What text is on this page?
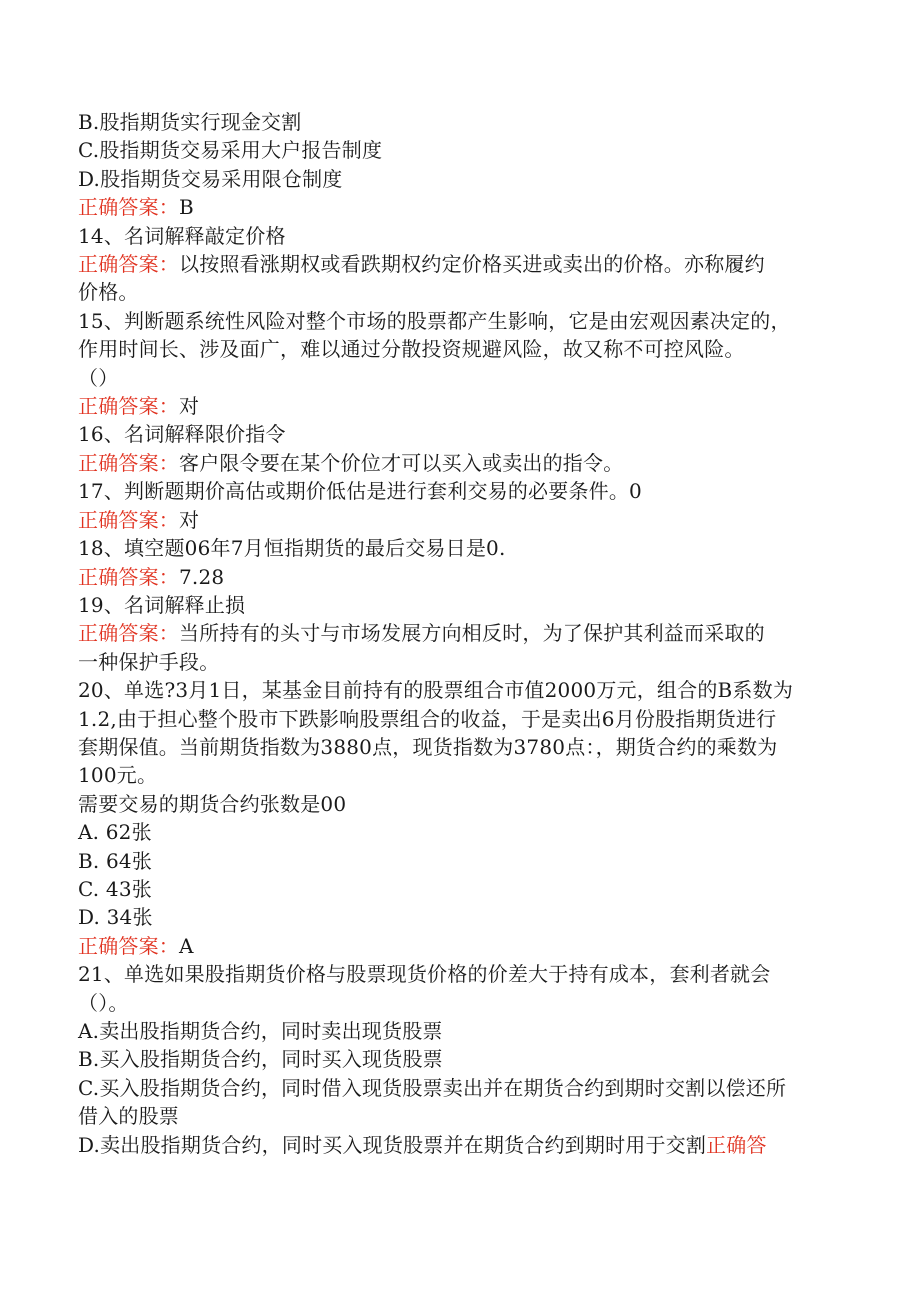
B.股指期货实行现金交割
C.股指期货交易采用大户报告制度
D.股指期货交易采用限仓制度
正确答案：B
14、名词解释敲定价格
正确答案：以按照看涨期权或看跌期权约定价格买进或卖出的价格。亦称履约
价格。
15、判断题系统性风险对整个市场的股票都产生影响，它是由宏观因素决定的，
作用时间长、涉及面广，难以通过分散投资规避风险，故又称不可控风险。
（）
正确答案：对
16、名词解释限价指令
正确答案：客户限令要在某个价位才可以买入或卖出的指令。
17、判断题期价高估或期价低估是进行套利交易的必要条件。0
正确答案：对
18、填空题06年7月恒指期货的最后交易日是0.
正确答案：7.28
19、名词解释止损
正确答案：当所持有的头寸与市场发展方向相反时，为了保护其利益而采取的
一种保护手段。
20、单选?3月1日，某基金目前持有的股票组合市值2000万元，组合的B系数为
1.2,由于担心整个股市下跌影响股票组合的收益，于是卖出6月份股指期货进行
套期保值。当前期货指数为3880点，现货指数为3780点：，期货合约的乘数为
100元。
需要交易的期货合约张数是00
A. 62张
B. 64张
C. 43张
D. 34张
正确答案：A
21、单选如果股指期货价格与股票现货价格的价差大于持有成本，套利者就会
（）。
A.卖出股指期货合约，同时卖出现货股票
B.买入股指期货合约，同时买入现货股票
C.买入股指期货合约，同时借入现货股票卖出并在期货合约到期时交割以偿还所
借入的股票
D.卖出股指期货合约，同时买入现货股票并在期货合约到期时用于交割正确答
